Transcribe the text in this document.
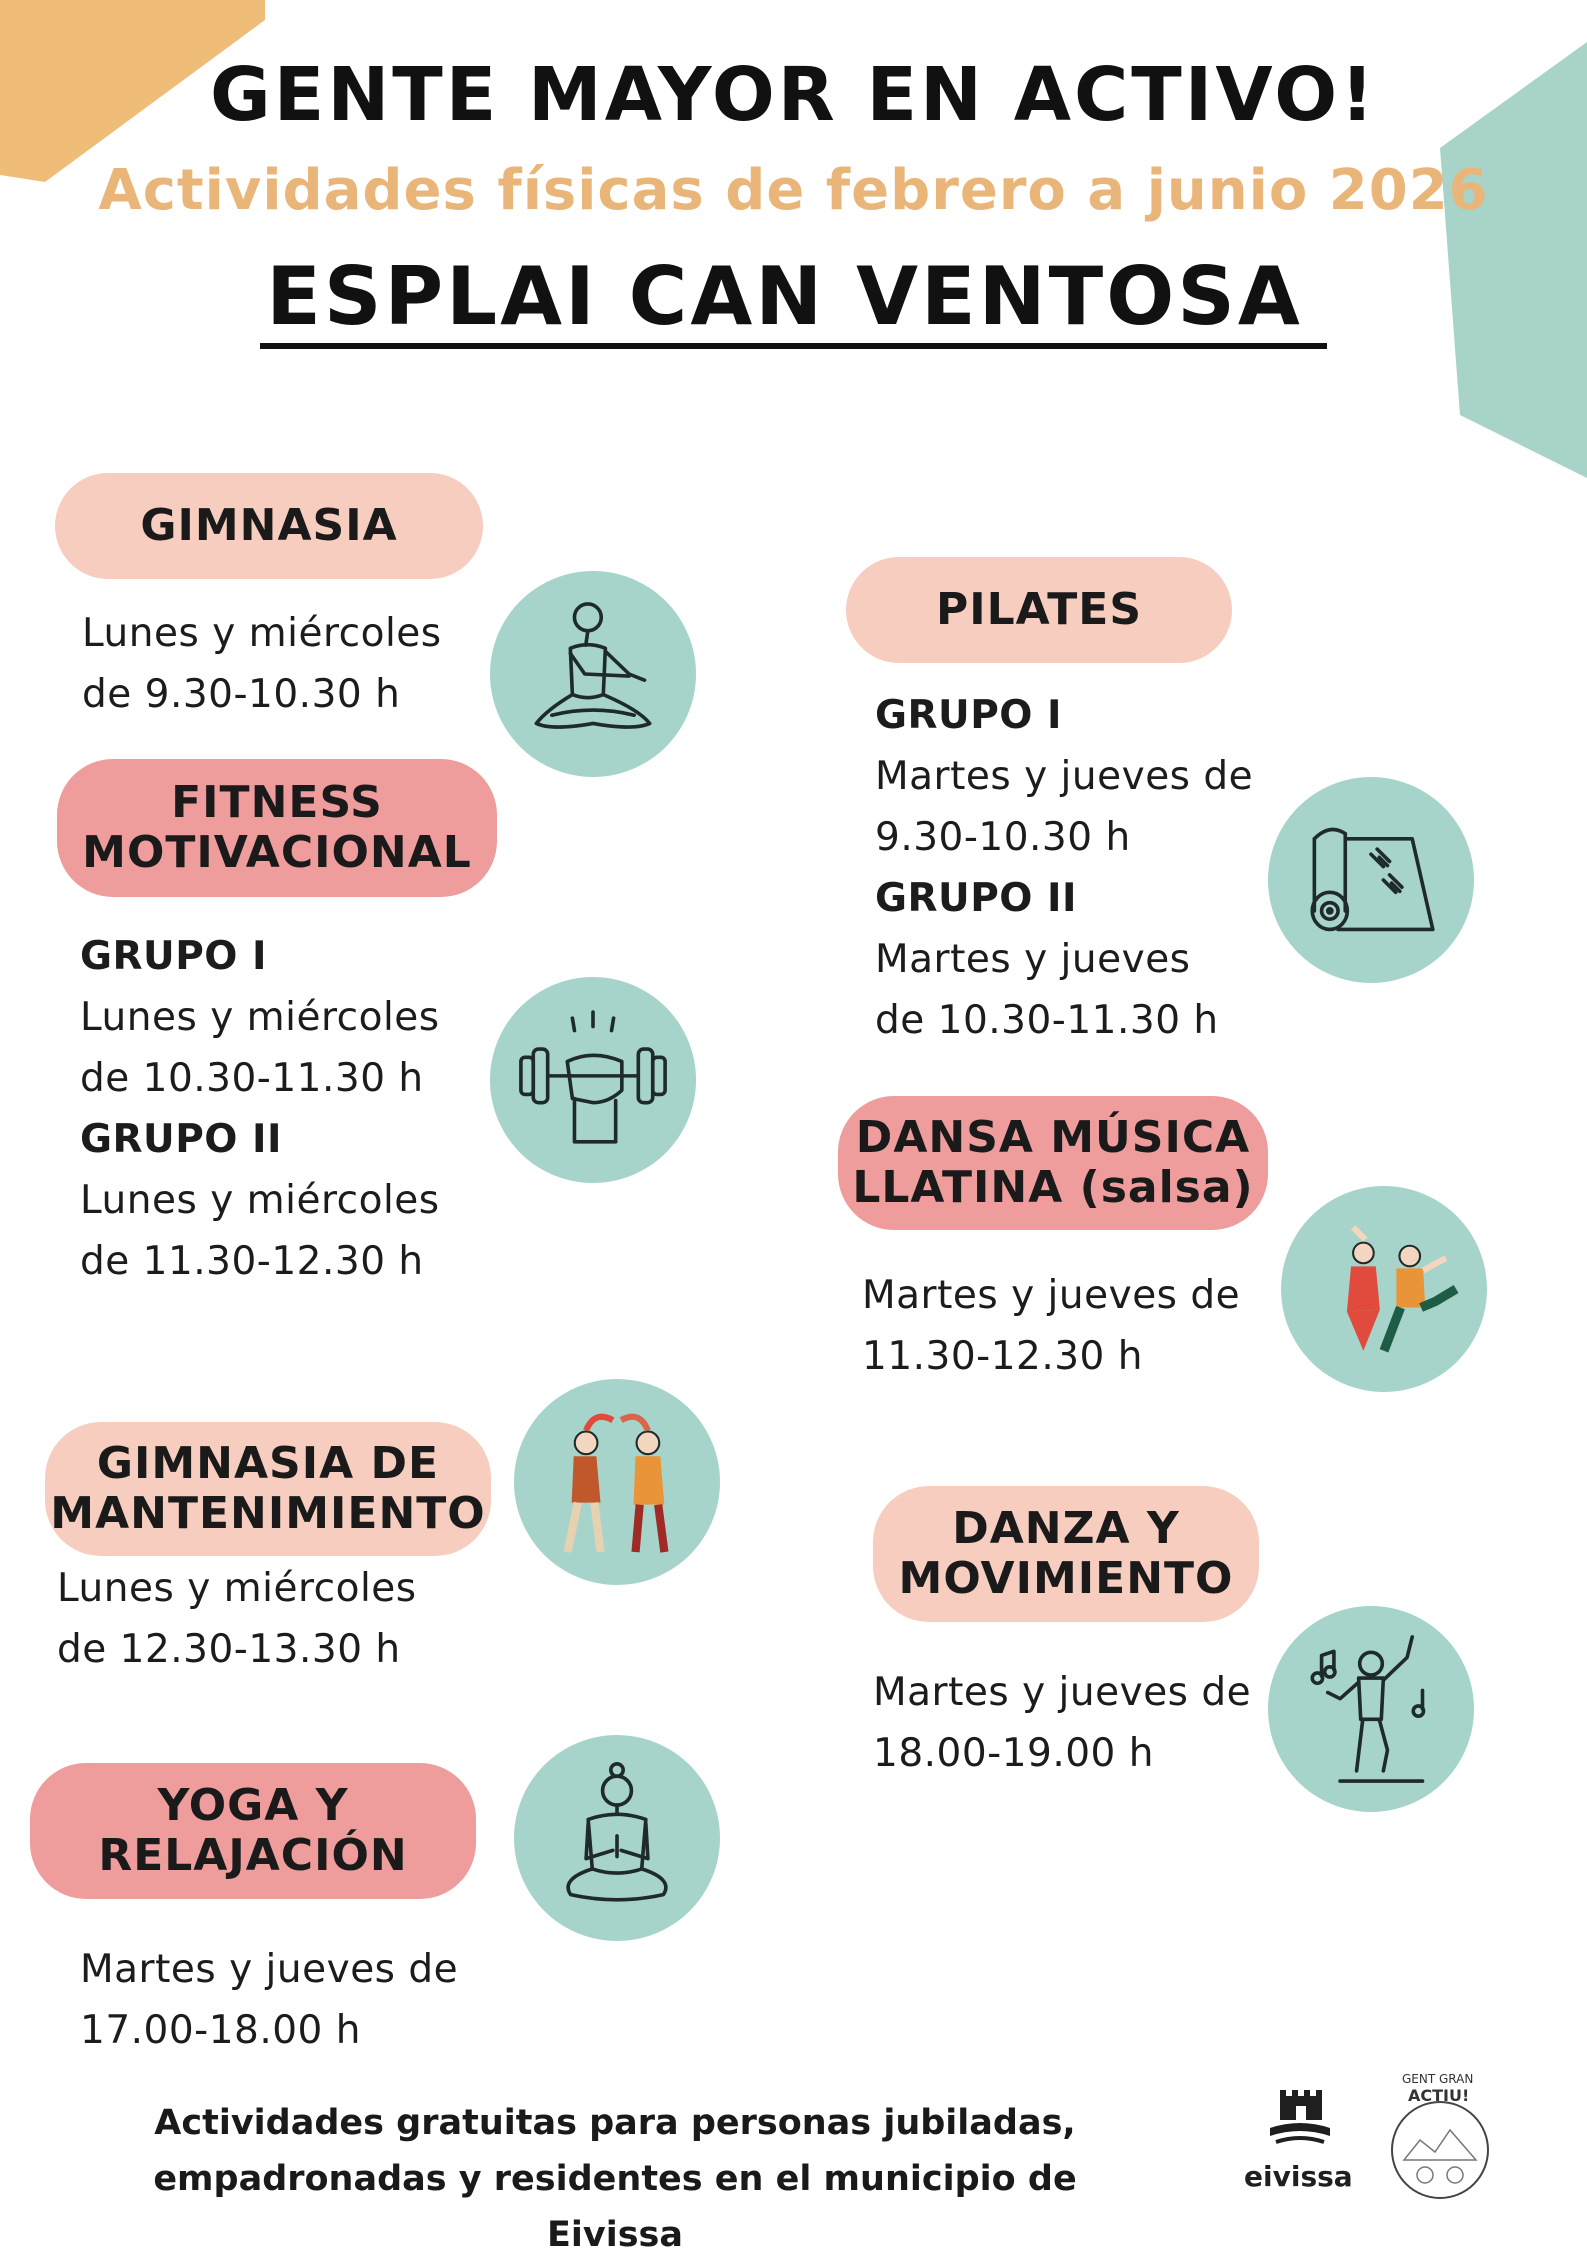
GENTE MAYOR EN ACTIVO!
Actividades físicas de febrero a junio 2026
ESPLAI CAN VENTOSA
GIMNASIA
Lunes y miércoles
de 9.30-10.30 h
FITNESS
MOTIVACIONAL
GRUPO I
Lunes y miércoles
de 10.30-11.30 h
GRUPO II
Lunes y miércoles
de 11.30-12.30 h
GIMNASIA DE
MANTENIMIENTO
Lunes y miércoles
de 12.30-13.30 h
YOGA Y
RELAJACIÓN
Martes y jueves de
17.00-18.00 h
PILATES
GRUPO I
Martes y jueves de
9.30-10.30 h
GRUPO II
Martes y jueves
de 10.30-11.30 h
DANSA MÚSICA
LLATINA (salsa)
Martes y jueves de
11.30-12.30 h
DANZA Y
MOVIMIENTO
Martes y jueves de
18.00-19.00 h
Actividades gratuitas para personas jubiladas,
empadronadas y residentes en el municipio de
Eivissa
eivissa
GENT GRAN
ACTIU!
